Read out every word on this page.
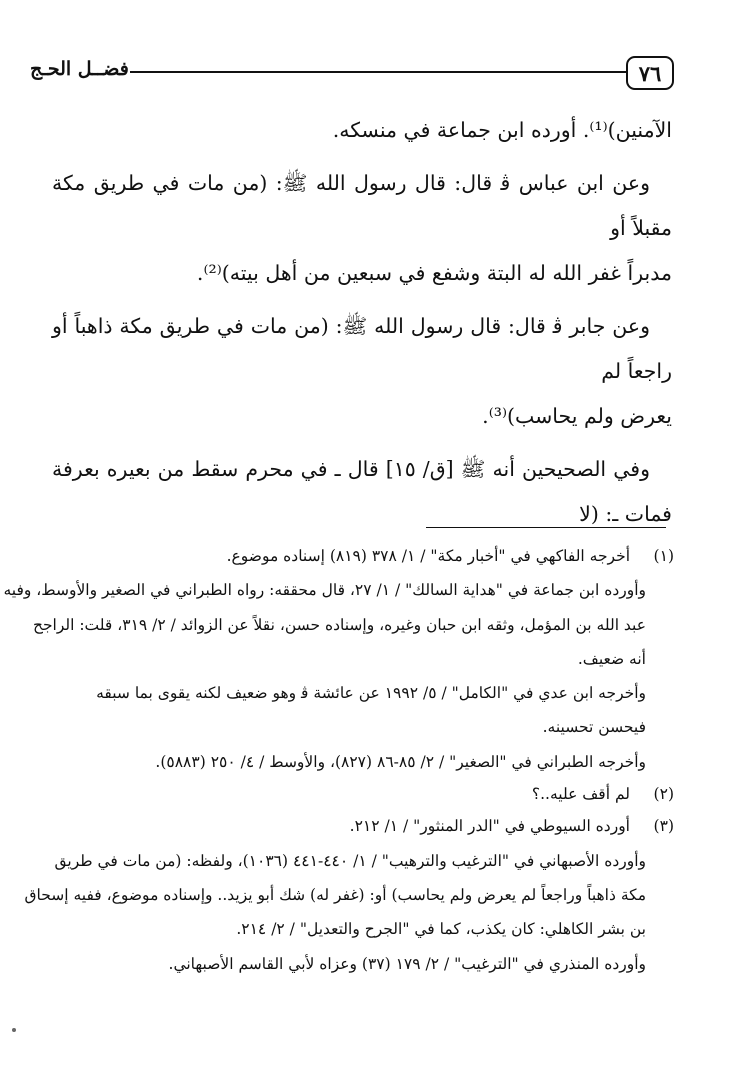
٧٦
فضــل الحـج

الآمنين)⁽¹⁾. أورده ابن جماعة في منسكه.

وعن ابن عباس ﭬ قال: قال رسول الله ﷺ: (من مات في طريق مكة مقبلاً أو
مدبراً غفر الله له البتة وشفع في سبعين من أهل بيته)⁽²⁾.

وعن جابر ﭬ قال: قال رسول الله ﷺ: (من مات في طريق مكة ذاهباً أو راجعاً لم
يعرض ولم يحاسب)⁽³⁾.

وفي الصحيحين أنه ﷺ [ق/ ١٥] قال ـ في محرم سقط من بعيره بعرفة فمات ـ: (لا

(١)
أخرجه الفاكهي في "أخبار مكة" / ١/ ٣٧٨ (٨١٩) إسناده موضوع.
وأورده ابن جماعة في "هداية السالك" / ١/ ٢٧، قال محققه: رواه الطبراني في الصغير والأوسط، وفيه
عبد الله بن المؤمل، وثقه ابن حبان وغيره، وإسناده حسن، نقلاً عن الزوائد / ٢/ ٣١٩، قلت: الراجح
أنه ضعيف.
وأخرجه ابن عدي في "الكامل" / ٥/ ١٩٩٢ عن عائشة ﭬ وهو ضعيف لكنه يقوى بما سبقه
فيحسن تحسينه.
وأخرجه الطبراني في "الصغير" / ٢/ ٨٥-٨٦ (٨٢٧)، والأوسط / ٤/ ٢٥٠ (٥٨٨٣).
(٢)
لم أقف عليه..؟
(٣)
أورده السيوطي في "الدر المنثور" / ١/ ٢١٢.
وأورده الأصبهاني في "الترغيب والترهيب" / ١/ ٤٤٠-٤٤١ (١٠٣٦)، ولفظه: (من مات في طريق
مكة ذاهباً وراجعاً لم يعرض ولم يحاسب) أو: (غفر له) شك أبو يزيد.. وإسناده موضوع، ففيه إسحاق
بن بشر الكاهلي: كان يكذب، كما في "الجرح والتعديل" / ٢/ ٢١٤.
وأورده المنذري في "الترغيب" / ٢/ ١٧٩ (٣٧) وعزاه لأبي القاسم الأصبهاني.
